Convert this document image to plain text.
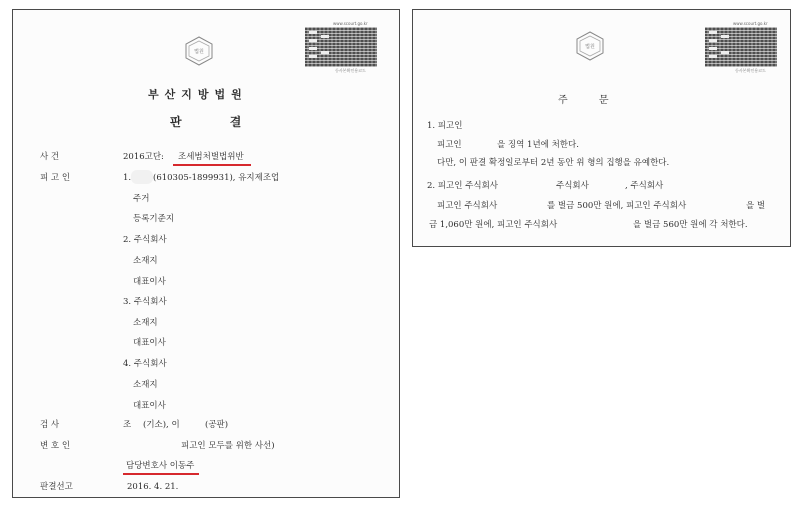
법원
www.scourt.go.kr
등사본확인용코드
부산지방법원
판 결
사 건	2016고단: 조세범처벌법위반
피 고 인	1.	(610305-1899931), 유지제조업
주거
등록기준지
2. 주식회사
소재지
대표이사
3. 주식회사
소재지
대표이사
4. 주식회사
소재지
대표이사
검 사	조 (기소), 이	(공판)
변 호 인	피고인 모두를 위한 사선)
담당변호사 이동주
판결선고	2016. 4. 21.
법원
www.scourt.go.kr
등사본확인용코드
주 문
1. 피고인
피고인	을 징역 1년에 처한다.
다만, 이 판결 확정일로부터 2년 동안 위 형의 집행을 유예한다.
2. 피고인 주식회사	주식회사	, 주식회사
피고인 주식회사	를 벌금 500만 원에, 피고인 주식회사	을 벌
금 1,060만 원에, 피고인 주식회사	을 벌금 560만 원에 각 처한다.
